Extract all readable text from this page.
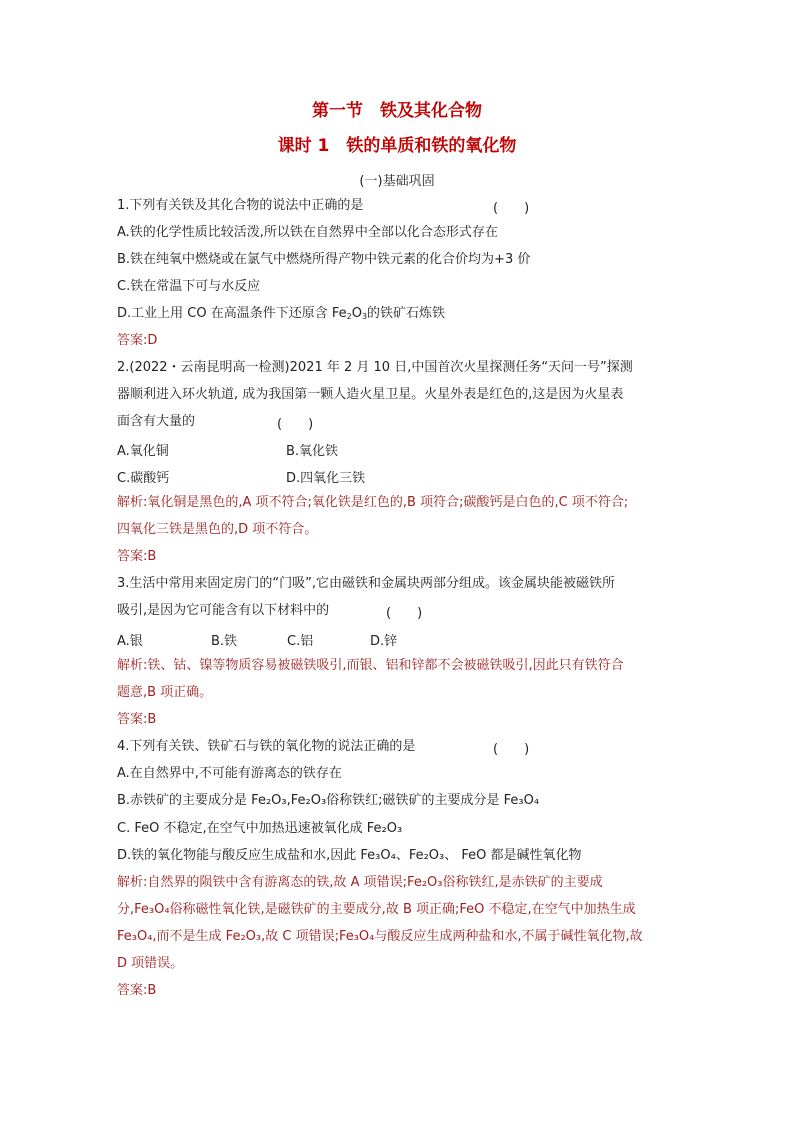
第一节　铁及其化合物
课时 1　铁的单质和铁的氧化物
(一)基础巩固
1.下列有关铁及其化合物的说法中正确的是	(　　)
A.铁的化学性质比较活泼,所以铁在自然界中全部以化合态形式存在
B.铁在纯氧中燃烧或在氯气中燃烧所得产物中铁元素的化合价均为+3 价
C.铁在常温下可与水反应
D.工业上用 CO 在高温条件下还原含 $Fe_2O_3$的铁矿石炼铁
答案:D
2.(2022・云南昆明高一检测)2021 年 2 月 10 日,中国首次火星探测任务“天问一号”探测
器顺利进入环火轨道, 成为我国第一颗人造火星卫星。火星外表是红色的,这是因为火星表
面含有大量的	(　　)
A.氧化铜	B.氧化铁
C.碳酸钙	D.四氧化三铁
解析:氧化铜是黑色的,A 项不符合;氧化铁是红色的,B 项符合;碳酸钙是白色的,C 项不符合;
四氧化三铁是黑色的,D 项不符合。
答案:B
3.生活中常用来固定房门的“门吸”,它由磁铁和金属块两部分组成。该金属块能被磁铁所
吸引,是因为它可能含有以下材料中的	(　　)
A.银	B.铁	C.铝	D.锌
解析:铁、钴、镍等物质容易被磁铁吸引,而银、铝和锌都不会被磁铁吸引,因此只有铁符合
题意,B 项正确。
答案:B
4.下列有关铁、铁矿石与铁的氧化物的说法正确的是	(　　)
A.在自然界中,不可能有游离态的铁存在
B.赤铁矿的主要成分是 Fe₂O₃,Fe₂O₃俗称铁红;磁铁矿的主要成分是 Fe₃O₄
C. FeO 不稳定,在空气中加热迅速被氧化成 Fe₂O₃
D.铁的氧化物能与酸反应生成盐和水,因此 Fe₃O₄、Fe₂O₃、 FeO 都是碱性氧化物
解析:自然界的陨铁中含有游离态的铁,故 A 项错误;Fe₂O₃俗称铁红,是赤铁矿的主要成
分,Fe₃O₄俗称磁性氧化铁,是磁铁矿的主要成分,故 B 项正确;FeO 不稳定,在空气中加热生成
Fe₃O₄,而不是生成 Fe₂O₃,故 C 项错误;Fe₃O₄与酸反应生成两种盐和水,不属于碱性氧化物,故
D 项错误。
答案:B
